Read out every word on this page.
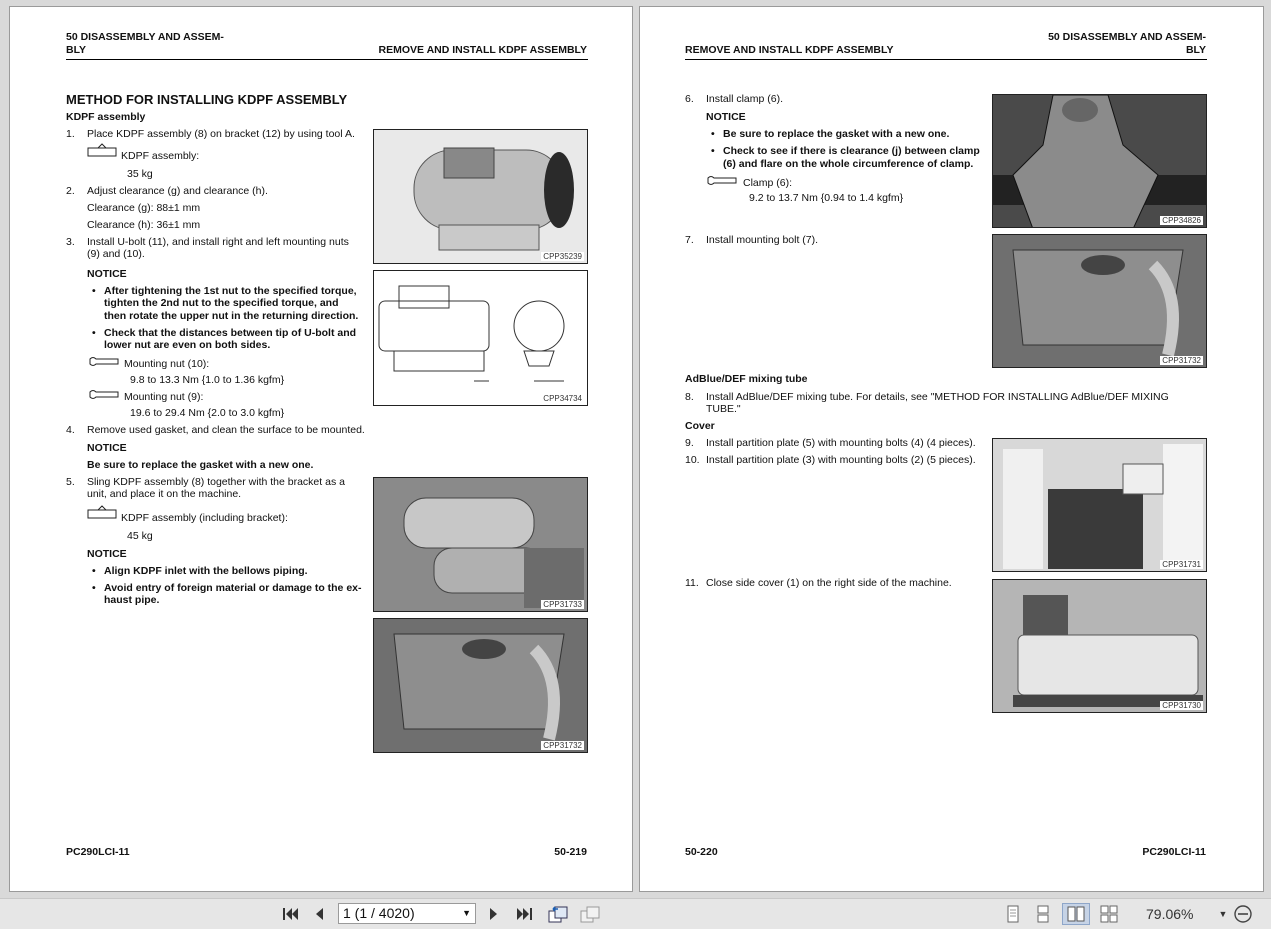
50 DISASSEMBLY AND ASSEM-
BLY	REMOVE AND INSTALL KDPF ASSEMBLY
METHOD FOR INSTALLING KDPF ASSEMBLY
KDPF assembly
1. Place KDPF assembly (8) on bracket (12) by using tool A.
KDPF assembly:
35 kg
2. Adjust clearance (g) and clearance (h).
Clearance (g): 88±1 mm
Clearance (h): 36±1 mm
3. Install U-bolt (11), and install right and left mounting nuts
(9) and (10).
NOTICE
• After tightening the 1st nut to the specified torque,
tighten the 2nd nut to the specified torque, and
then rotate the upper nut in the returning direction.
• Check that the distances between tip of U-bolt and
lower nut are even on both sides.
Mounting nut (10):
9.8 to 13.3 Nm {1.0 to 1.36 kgfm}
Mounting nut (9):
19.6 to 29.4 Nm {2.0 to 3.0 kgfm}
4. Remove used gasket, and clean the surface to be mounted.
NOTICE
Be sure to replace the gasket with a new one.
5. Sling KDPF assembly (8) together with the bracket as a
unit, and place it on the machine.
KDPF assembly (including bracket):
45 kg
NOTICE
• Align KDPF inlet with the bellows piping.
• Avoid entry of foreign material or damage to the ex-
haust pipe.
CPP35239
CPP34734
CPP31733
CPP31732
PC290LCI-11	50-219
REMOVE AND INSTALL KDPF ASSEMBLY
50 DISASSEMBLY AND ASSEM-
BLY
6. Install clamp (6).
NOTICE
• Be sure to replace the gasket with a new one.
• Check to see if there is clearance (j) between clamp
(6) and flare on the whole circumference of clamp.
Clamp (6):
9.2 to 13.7 Nm {0.94 to 1.4 kgfm}
7. Install mounting bolt (7).
AdBlue/DEF mixing tube
8. Install AdBlue/DEF mixing tube. For details, see "METHOD FOR INSTALLING AdBlue/DEF MIXING
TUBE."
Cover
9. Install partition plate (5) with mounting bolts (4) (4 pieces).
10. Install partition plate (3) with mounting bolts (2) (5 pieces).
11. Close side cover (1) on the right side of the machine.
CPP34826
CPP31732
CPP31731
CPP31730
50-220	PC290LCI-11
1 (1 / 4020)	▼	79.06%	▼
